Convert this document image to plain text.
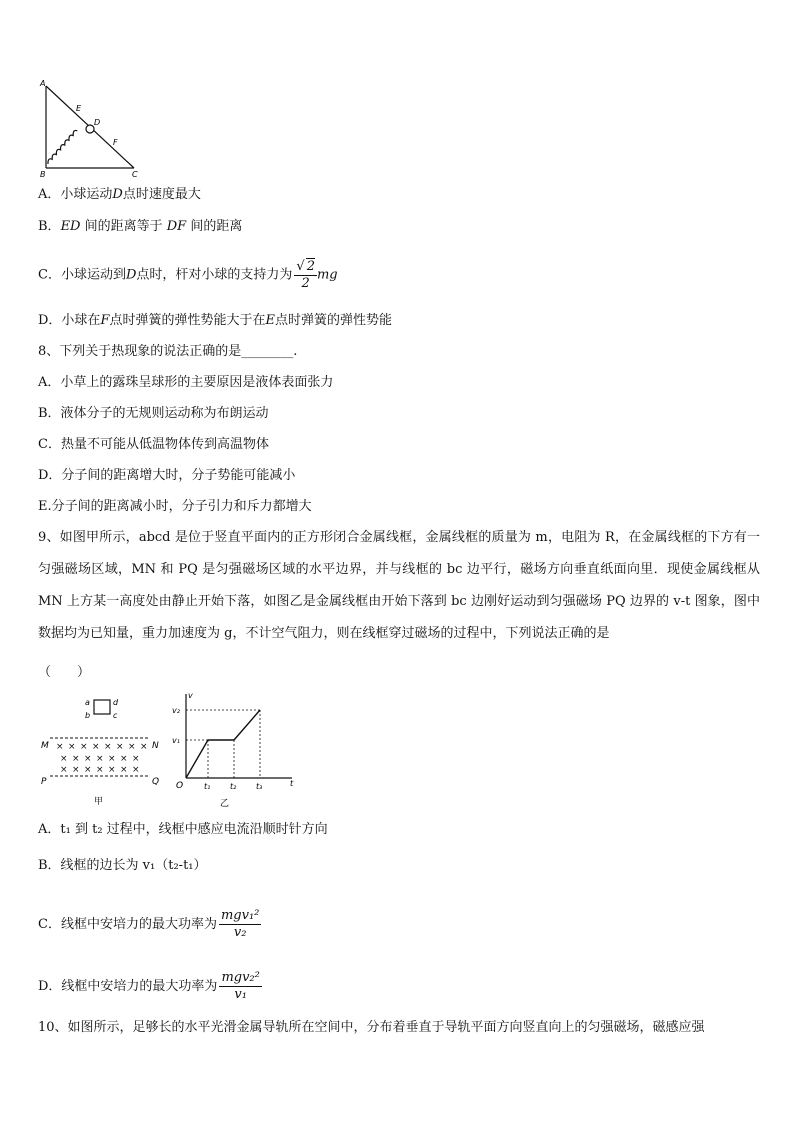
A
E
D
F
B	C
A．小球运动D点时速度最大
B．ED 间的距离等于 DF 间的距离
C．小球运动到D点时，杆对小球的支持力为 $\frac{√ 2}{2}$ mg
D．小球在F点时弹簧的弹性势能大于在E点时弹簧的弹性势能
8、下列关于热现象的说法正确的是________.
A．小草上的露珠呈球形的主要原因是液体表面张力
B．液体分子的无规则运动称为布朗运动
C．热量不可能从低温物体传到高温物体
D．分子间的距离增大时，分子势能可能减小
E.分子间的距离减小时，分子引力和斥力都增大
9、如图甲所示，abcd 是位于竖直平面内的正方形闭合金属线框，金属线框的质量为 m，电阻为 R，在金属线框的下方有一匀强磁场区域，MN 和 PQ 是匀强磁场区域的水平边界，并与线框的 bc 边平行，磁场方向垂直纸面向里．现使金属线框从 MN 上方某一高度处由静止开始下落，如图乙是金属线框由开始下落到 bc 边刚好运动到匀强磁场 PQ 边界的 v-t 图象，图中数据均为已知量，重力加速度为 g，不计空气阻力，则在线框穿过磁场的过程中，下列说法正确的是
（　　）
a	d
b	c
M	N
P	Q
× × × × × × × ×
× × × × × × ×
× × × × × × ×
甲
v
t
O
v₂
v₁
t₁ t₂ t₃
乙
A．t₁ 到 t₂ 过程中，线框中感应电流沿顺时针方向
B．线框的边长为 v₁（t₂-t₁）
C．线框中安培力的最大功率为 $\frac{\text{mgv₁²}}{\text{v₂}}$
D．线框中安培力的最大功率为 $\frac{\text{mgv₂²}}{\text{v₁}}$
10、如图所示，足够长的水平光滑金属导轨所在空间中，分布着垂直于导轨平面方向竖直向上的匀强磁场，磁感应强
